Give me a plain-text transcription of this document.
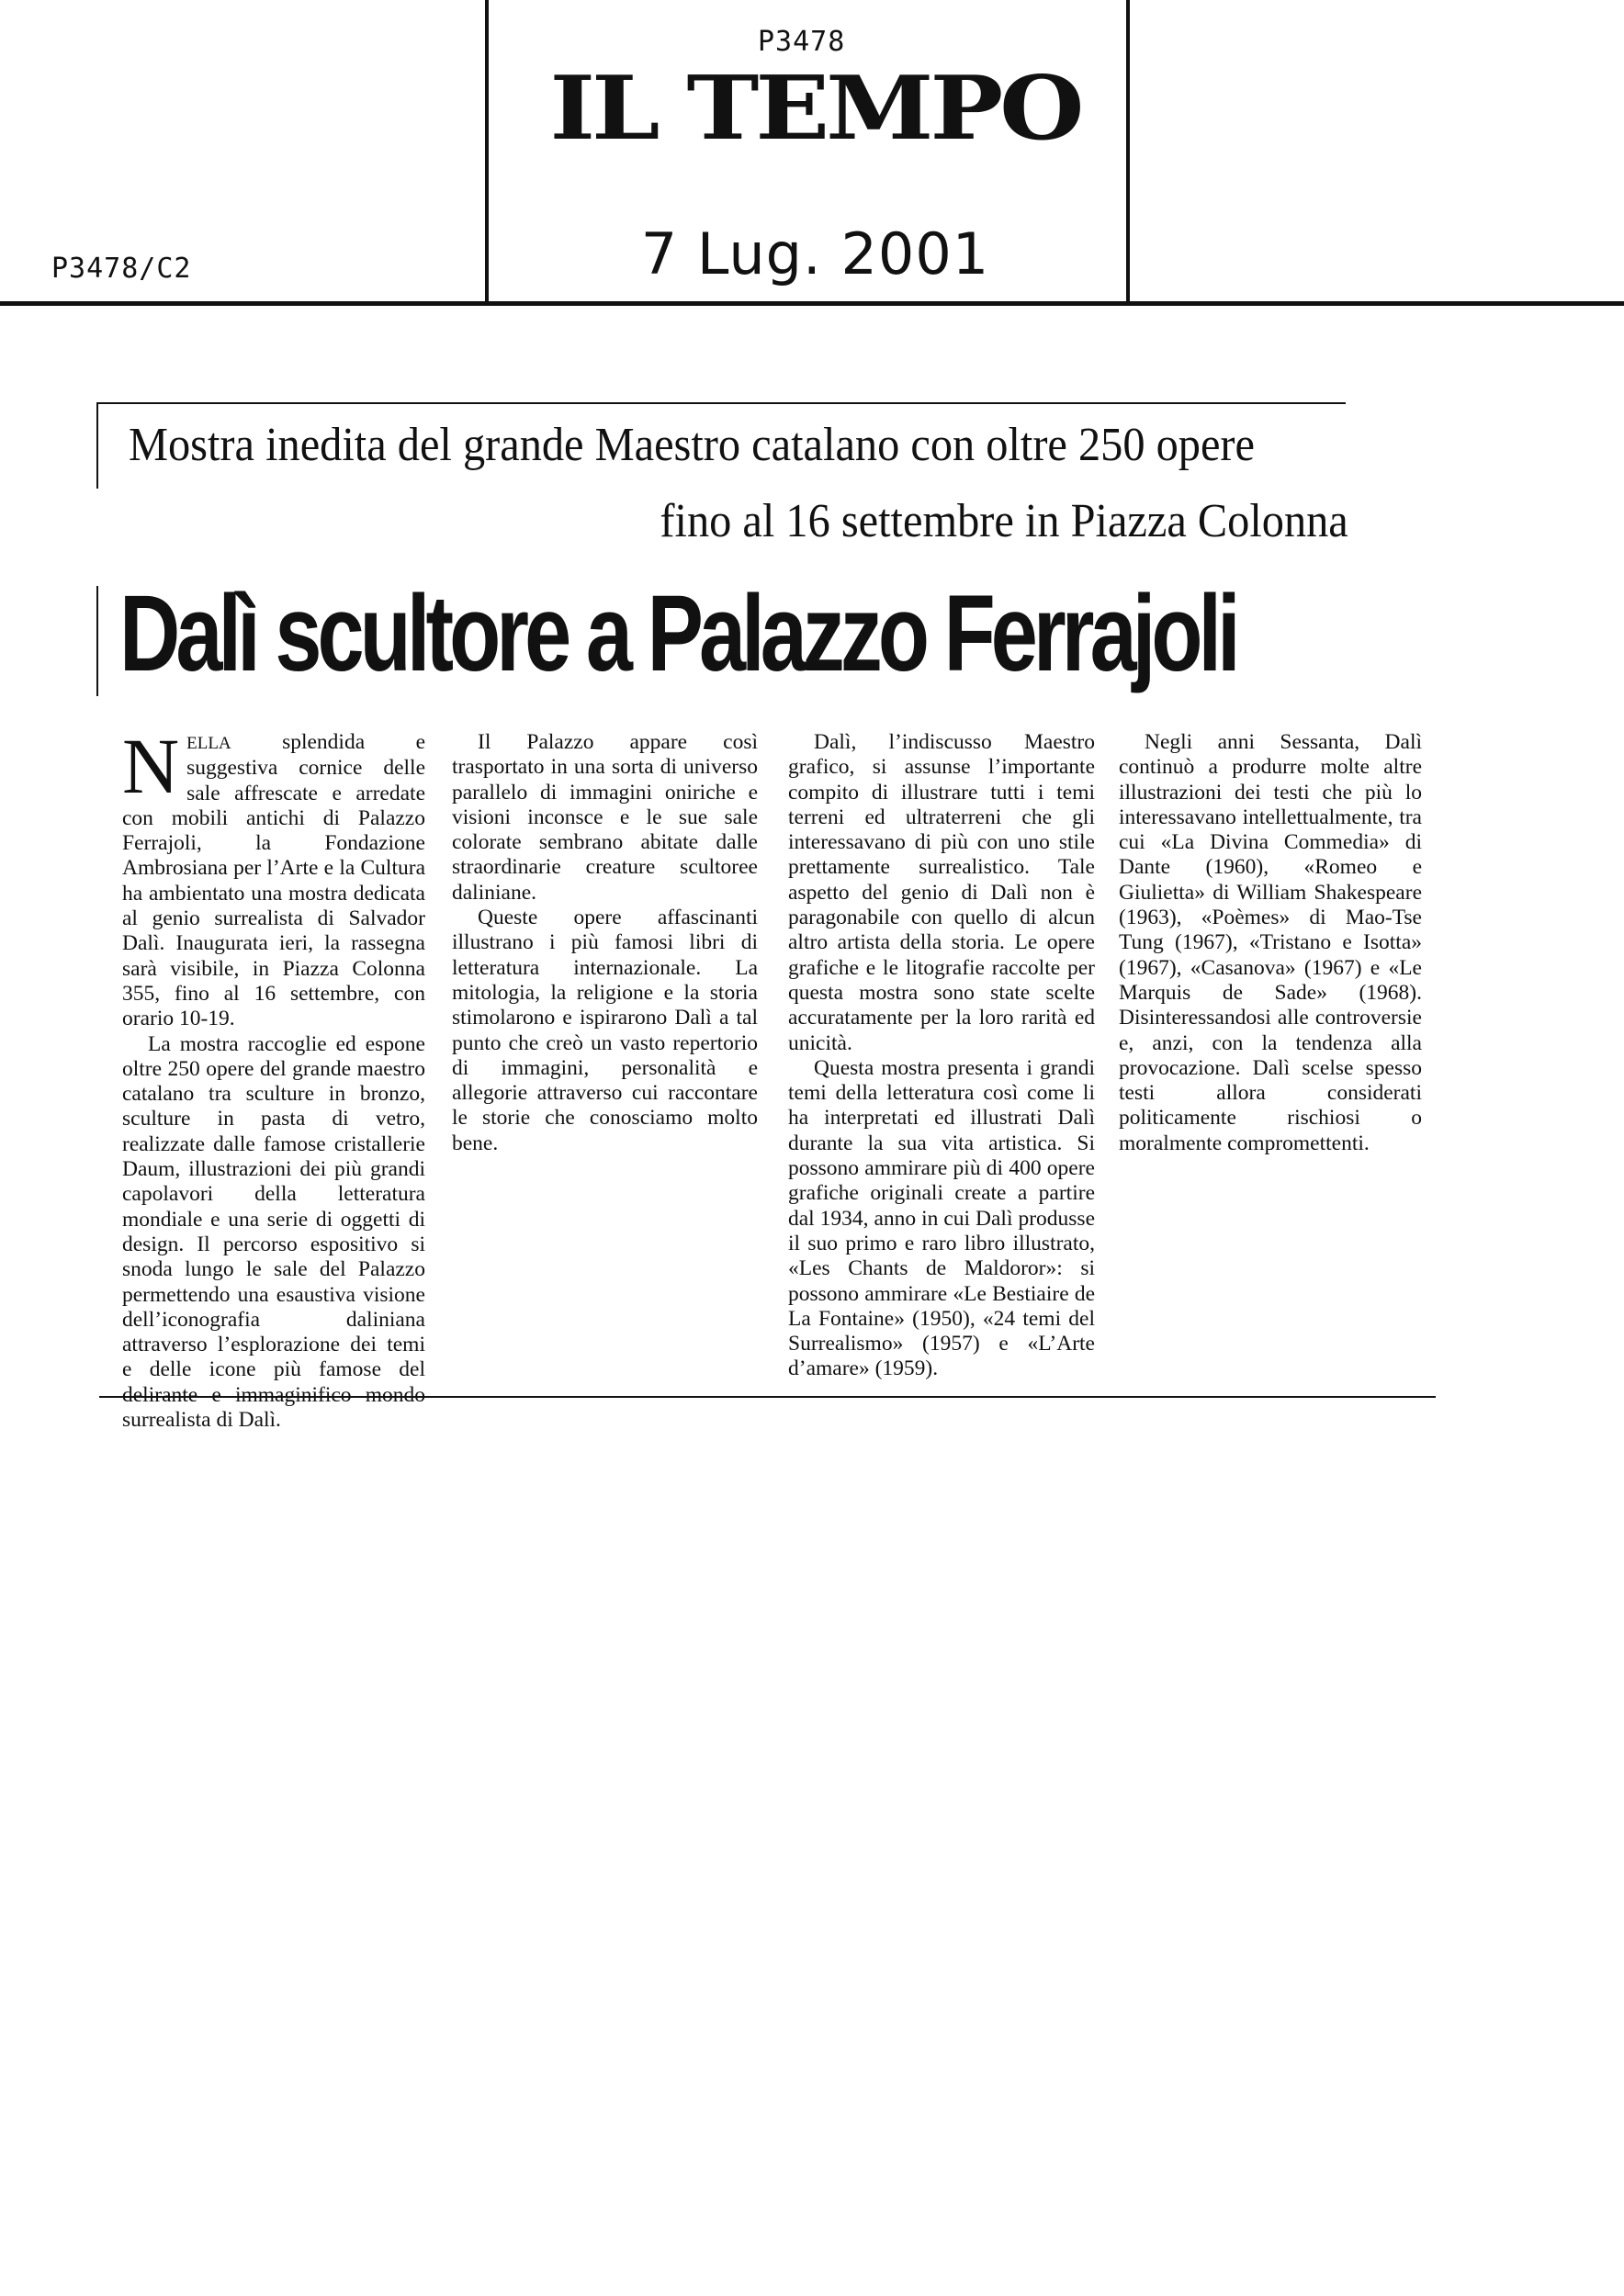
P3478
IL TEMPO
7 Lug. 2001
P3478/C2
Mostra inedita del grande Maestro catalano con oltre 250 opere
fino al 16 settembre in Piazza Colonna
Dalì scultore a Palazzo Ferrajoli

NELLA splendida e suggestiva cornice delle sale affrescate e arredate con mobili antichi di Palazzo Ferrajoli, la Fondazione Ambrosiana per l’Arte e la Cultura ha ambientato una mostra dedicata al genio surrealista di Salvador Dalì. Inaugurata ieri, la rassegna sarà visibile, in Piazza Colonna 355, fino al 16 settembre, con orario 10-19.

La mostra raccoglie ed espone oltre 250 opere del grande maestro catalano tra sculture in bronzo, sculture in pasta di vetro, realizzate dalle famose cristallerie Daum, illustrazioni dei più grandi capolavori della letteratura mondiale e una serie di oggetti di design. Il percorso espositivo si snoda lungo le sale del Palazzo permettendo una esaustiva visione dell’iconografia daliniana attraverso l’esplorazione dei temi e delle icone più famose del delirante e immaginifico mondo surrealista di Dalì.

Il Palazzo appare così trasportato in una sorta di universo parallelo di immagini oniriche e visioni inconsce e le sue sale colorate sembrano abitate dalle straordinarie creature scultoree daliniane.

Queste opere affascinanti illustrano i più famosi libri di letteratura internazionale. La mitologia, la religione e la storia stimolarono e ispirarono Dalì a tal punto che creò un vasto repertorio di immagini, personalità e allegorie attraverso cui raccontare le storie che conosciamo molto bene.

Dalì, l’indiscusso Maestro grafico, si assunse l’importante compito di illustrare tutti i temi terreni ed ultraterreni che gli interessavano di più con uno stile prettamente surrealistico. Tale aspetto del genio di Dalì non è paragonabile con quello di alcun altro artista della storia. Le opere grafiche e le litografie raccolte per questa mostra sono state scelte accuratamente per la loro rarità ed unicità.

Questa mostra presenta i grandi temi della letteratura così come li ha interpretati ed illustrati Dalì durante la sua vita artistica. Si possono ammirare più di 400 opere grafiche originali create a partire dal 1934, anno in cui Dalì produsse il suo primo e raro libro illustrato, «Les Chants de Maldoror»: si possono ammirare «Le Bestiaire de La Fontaine» (1950), «24 temi del Surrealismo» (1957) e «L’Arte d’amare» (1959).

Negli anni Sessanta, Dalì continuò a produrre molte altre illustrazioni dei testi che più lo interessavano intellettualmente, tra cui «La Divina Commedia» di Dante (1960), «Romeo e Giulietta» di William Shakespeare (1963), «Poèmes» di Mao-Tse Tung (1967), «Tristano e Isotta» (1967), «Casanova» (1967) e «Le Marquis de Sade» (1968). Disinteressandosi alle controversie e, anzi, con la tendenza alla provocazione. Dalì scelse spesso testi allora considerati politicamente rischiosi o moralmente compromettenti.
